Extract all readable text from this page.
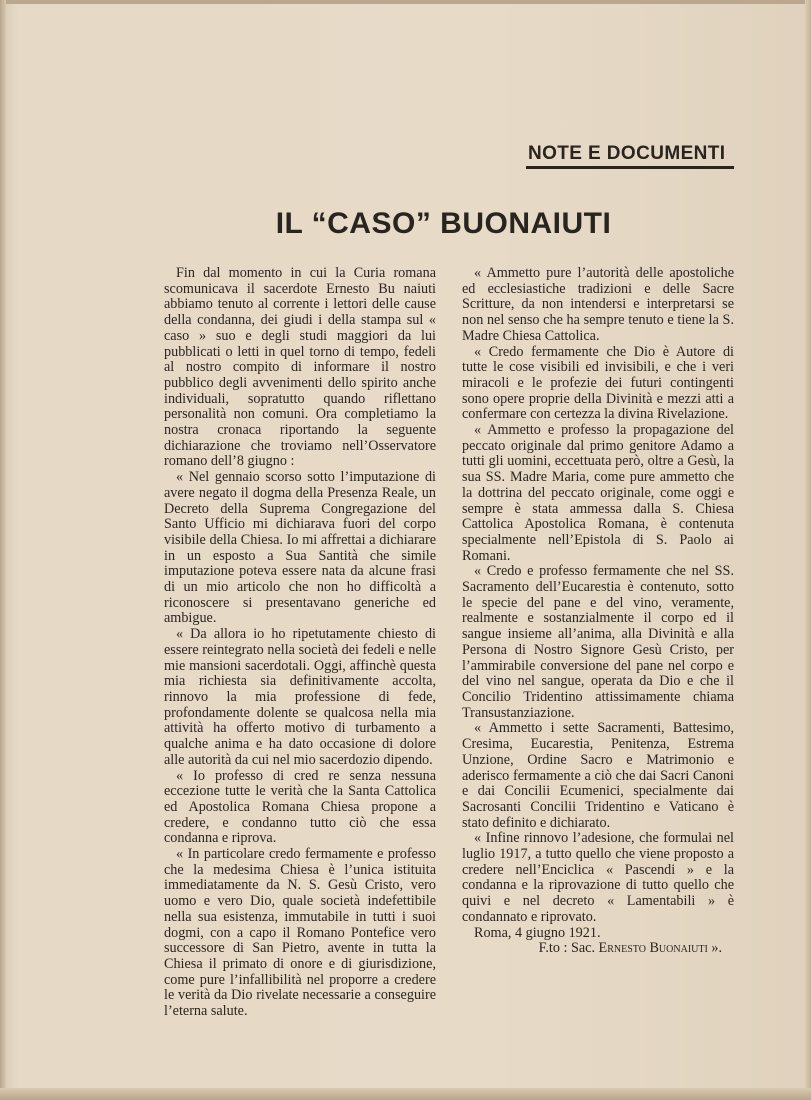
NOTE E DOCUMENTI
IL “CASO” BUONAIUTI

Fin dal momento in cui la Curia romana scomunicava il sacerdote Ernesto Bu naiuti abbiamo tenuto al corrente i lettori delle cause della condanna, dei giudi i della stampa sul « caso » suo e degli studi maggiori da lui pubblicati o letti in quel torno di tempo, fedeli al nostro compito di informare il nostro pubblico degli avvenimenti dello spirito anche individuali, sopratutto quando riflettano personalità non comuni. Ora completiamo la nostra cronaca riportando la seguente dichiarazione che troviamo nell’Osservatore romano dell’8 giugno :

« Nel gennaio scorso sotto l’imputazione di avere negato il dogma della Presenza Reale, un Decreto della Suprema Congregazione del Santo Ufficio mi dichiarava fuori del corpo visibile della Chiesa. Io mi affrettai a dichiarare in un esposto a Sua Santità che simile imputazione poteva essere nata da alcune frasi di un mio articolo che non ho difficoltà a riconoscere si presentavano generiche ed ambigue.

« Da allora io ho ripetutamente chiesto di essere reintegrato nella società dei fedeli e nelle mie mansioni sacerdotali. Oggi, affinchè questa mia richiesta sia definitivamente accolta, rinnovo la mia professione di fede, profondamente dolente se qualcosa nella mia attività ha offerto motivo di turbamento a qualche anima e ha dato occasione di dolore alle autorità da cui nel mio sacerdozio dipendo.

« Io professo di cred re senza nessuna eccezione tutte le verità che la Santa Cattolica ed Apostolica Romana Chiesa propone a credere, e condanno tutto ciò che essa condanna e riprova.

« In particolare credo fermamente e professo che la medesima Chiesa è l’unica istituita immediatamente da N. S. Gesù Cristo, vero uomo e vero Dio, quale società indefettibile nella sua esistenza, immutabile in tutti i suoi dogmi, con a capo il Romano Pontefice vero successore di San Pietro, avente in tutta la Chiesa il primato di onore e di giurisdizione, come pure l’infallibilità nel proporre a credere le verità da Dio rivelate necessarie a conseguire l’eterna salute.

« Ammetto pure l’autorità delle apostoliche ed ecclesiastiche tradizioni e delle Sacre Scritture, da non intendersi e interpretarsi se non nel senso che ha sempre tenuto e tiene la S. Madre Chiesa Cattolica.

« Credo fermamente che Dio è Autore di tutte le cose visibili ed invisibili, e che i veri miracoli e le profezie dei futuri contingenti sono opere proprie della Divinità e mezzi atti a confermare con certezza la divina Rivelazione.

« Ammetto e professo la propagazione del peccato originale dal primo genitore Adamo a tutti gli uomini, eccettuata però, oltre a Gesù, la sua SS. Madre Maria, come pure ammetto che la dottrina del peccato originale, come oggi e sempre è stata ammessa dalla S. Chiesa Cattolica Apostolica Romana, è contenuta specialmente nell’Epistola di S. Paolo ai Romani.

« Credo e professo fermamente che nel SS. Sacramento dell’Eucarestia è contenuto, sotto le specie del pane e del vino, veramente, realmente e sostanzialmente il corpo ed il sangue insieme all’anima, alla Divinità e alla Persona di Nostro Signore Gesù Cristo, per l’ammirabile conversione del pane nel corpo e del vino nel sangue, operata da Dio e che il Concilio Tridentino attissimamente chiama Transustanziazione.

« Ammetto i sette Sacramenti, Battesimo, Cresima, Eucarestia, Penitenza, Estrema Unzione, Ordine Sacro e Matrimonio e aderisco fermamente a ciò che dai Sacri Canoni e dai Concilii Ecumenici, specialmente dai Sacrosanti Concilii Tridentino e Vaticano è stato definito e dichiarato.

« Infine rinnovo l’adesione, che formulai nel luglio 1917, a tutto quello che viene proposto a credere nell’Enciclica « Pascendi » e la condanna e la riprovazione di tutto quello che quivi e nel decreto « Lamentabili » è condannato e riprovato.

Roma, 4 giugno 1921.

F.to : Sac. Ernesto Buonaiuti ».
